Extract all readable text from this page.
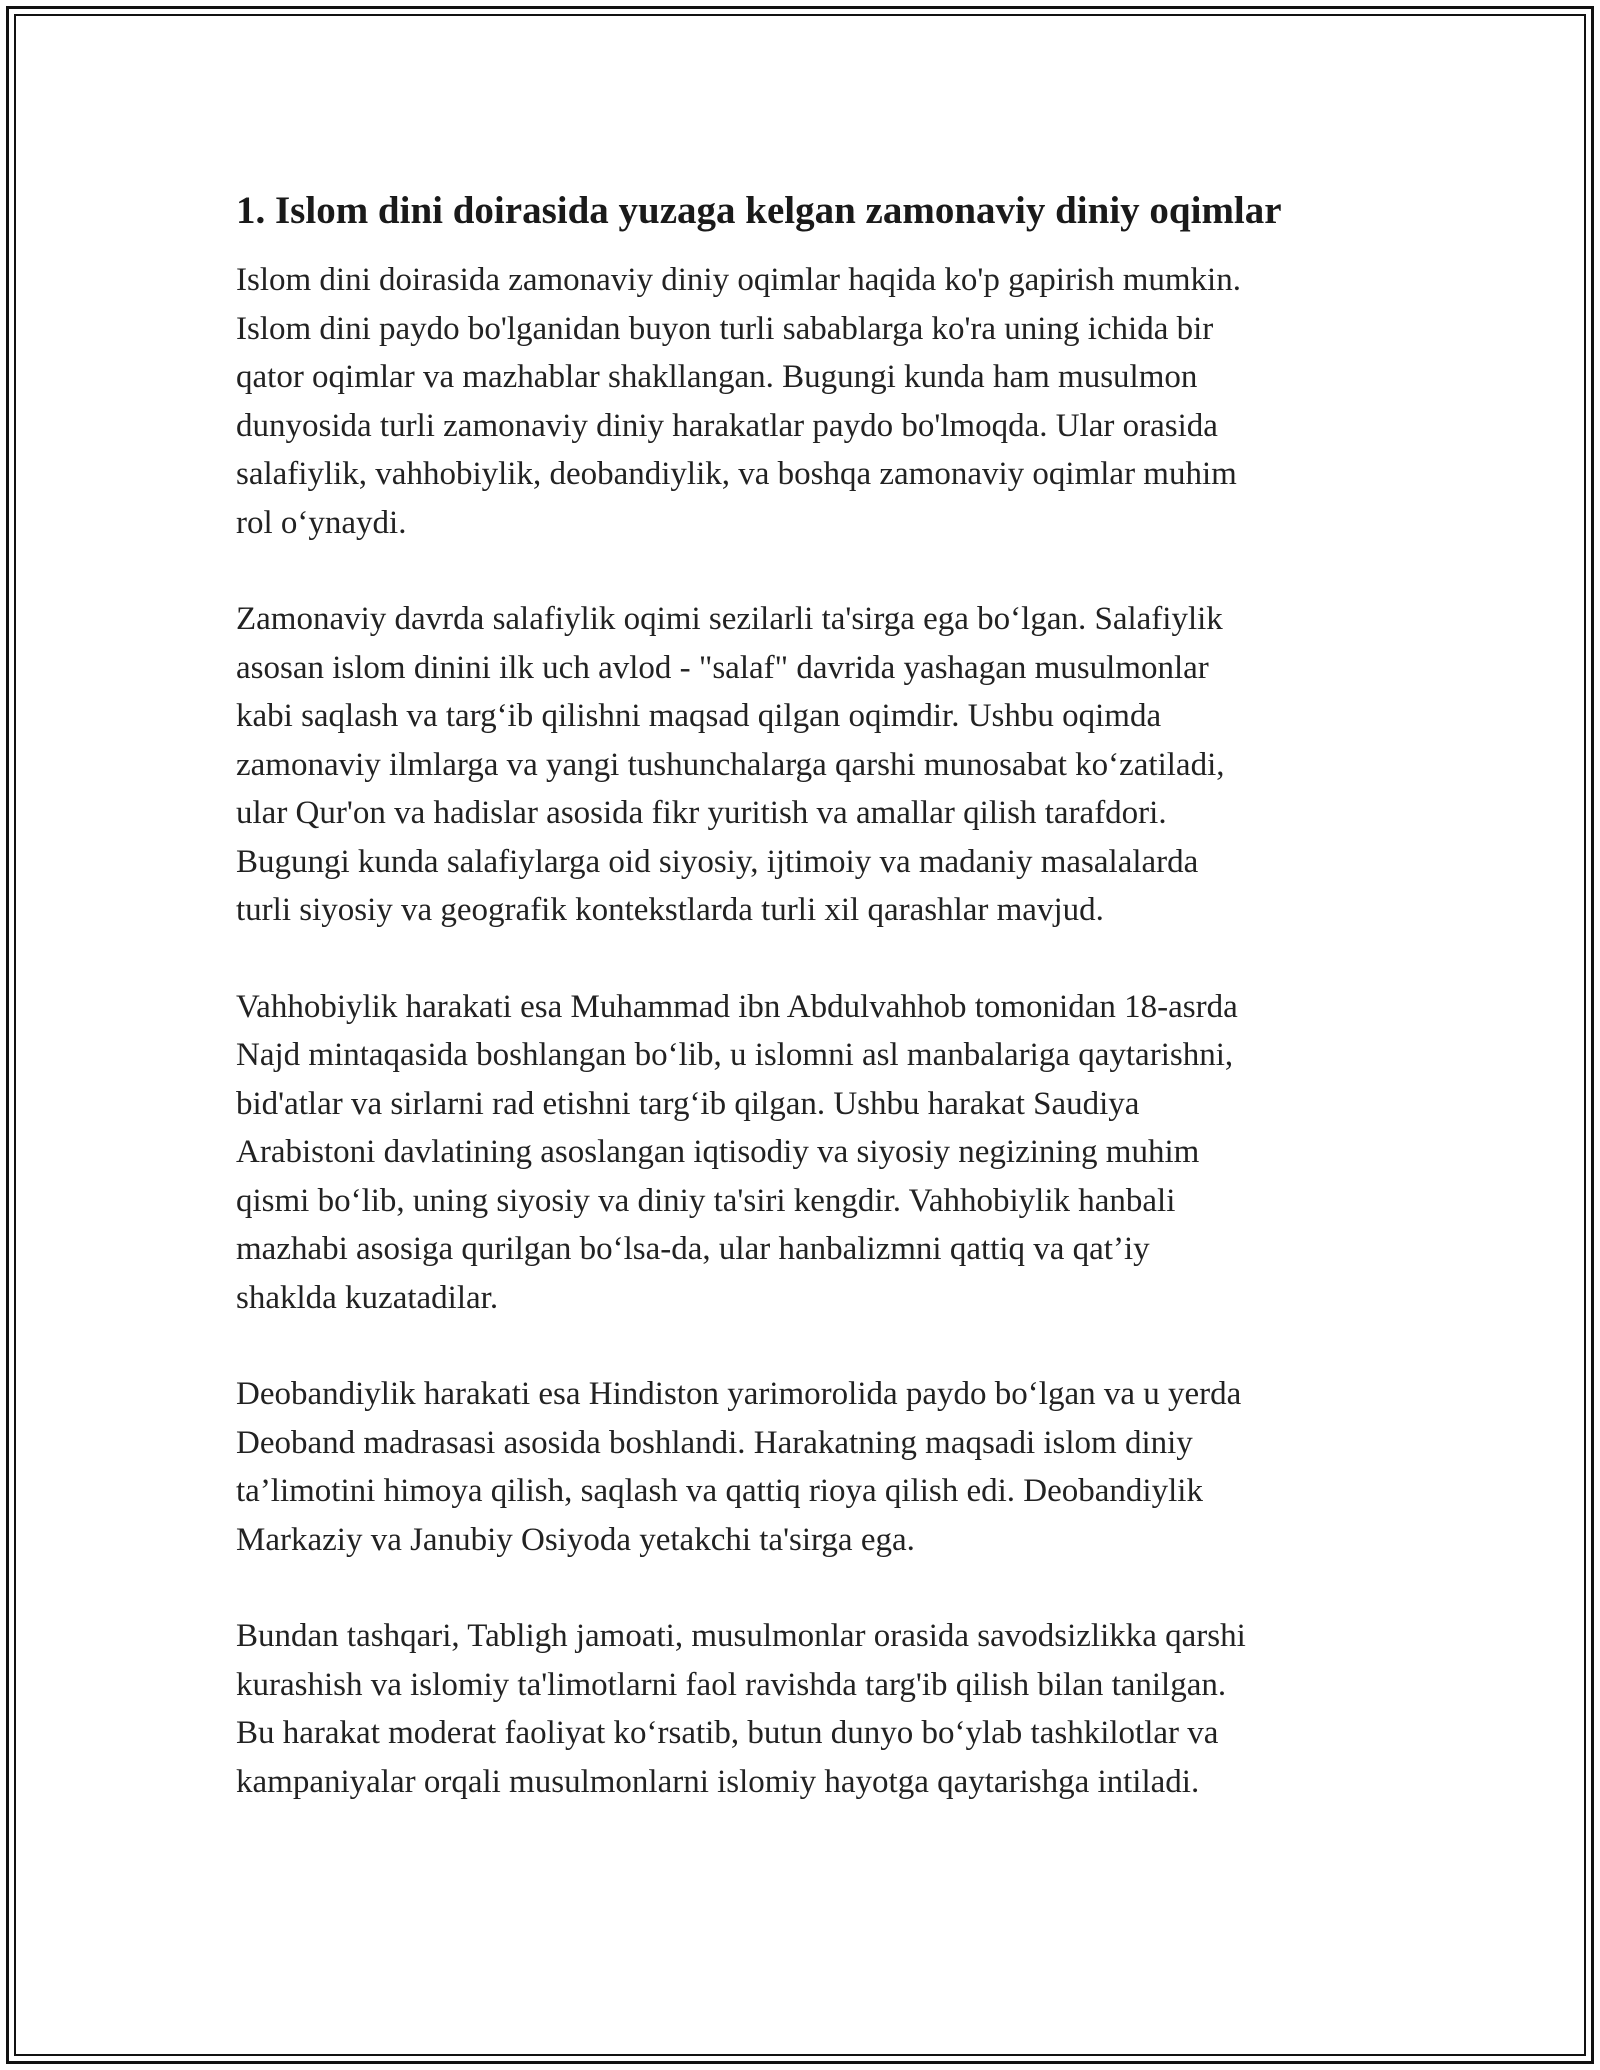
1. Islom dini doirasida yuzaga kelgan zamonaviy diniy oqimlar

Islom dini doirasida zamonaviy diniy oqimlar haqida ko'p gapirish mumkin.
Islom dini paydo bo'lganidan buyon turli sabablarga ko'ra uning ichida bir
qator oqimlar va mazhablar shakllangan. Bugungi kunda ham musulmon
dunyosida turli zamonaviy diniy harakatlar paydo bo'lmoqda. Ular orasida
salafiylik, vahhobiylik, deobandiylik, va boshqa zamonaviy oqimlar muhim
rol o‘ynaydi.

Zamonaviy davrda salafiylik oqimi sezilarli ta'sirga ega bo‘lgan. Salafiylik
asosan islom dinini ilk uch avlod - "salaf" davrida yashagan musulmonlar
kabi saqlash va targ‘ib qilishni maqsad qilgan oqimdir. Ushbu oqimda
zamonaviy ilmlarga va yangi tushunchalarga qarshi munosabat ko‘zatiladi,
ular Qur'on va hadislar asosida fikr yuritish va amallar qilish tarafdori.
Bugungi kunda salafiylarga oid siyosiy, ijtimoiy va madaniy masalalarda
turli siyosiy va geografik kontekstlarda turli xil qarashlar mavjud.

Vahhobiylik harakati esa Muhammad ibn Abdulvahhob tomonidan 18-asrda
Najd mintaqasida boshlangan bo‘lib, u islomni asl manbalariga qaytarishni,
bid'atlar va sirlarni rad etishni targ‘ib qilgan. Ushbu harakat Saudiya
Arabistoni davlatining asoslangan iqtisodiy va siyosiy negizining muhim
qismi bo‘lib, uning siyosiy va diniy ta'siri kengdir. Vahhobiylik hanbali
mazhabi asosiga qurilgan bo‘lsa-da, ular hanbalizmni qattiq va qat’iy
shaklda kuzatadilar.

Deobandiylik harakati esa Hindiston yarimorolida paydo bo‘lgan va u yerda
Deoband madrasasi asosida boshlandi. Harakatning maqsadi islom diniy
ta’limotini himoya qilish, saqlash va qattiq rioya qilish edi. Deobandiylik
Markaziy va Janubiy Osiyoda yetakchi ta'sirga ega.

Bundan tashqari, Tabligh jamoati, musulmonlar orasida savodsizlikka qarshi
kurashish va islomiy ta'limotlarni faol ravishda targ'ib qilish bilan tanilgan.
Bu harakat moderat faoliyat ko‘rsatib, butun dunyo bo‘ylab tashkilotlar va
kampaniyalar orqali musulmonlarni islomiy hayotga qaytarishga intiladi.
